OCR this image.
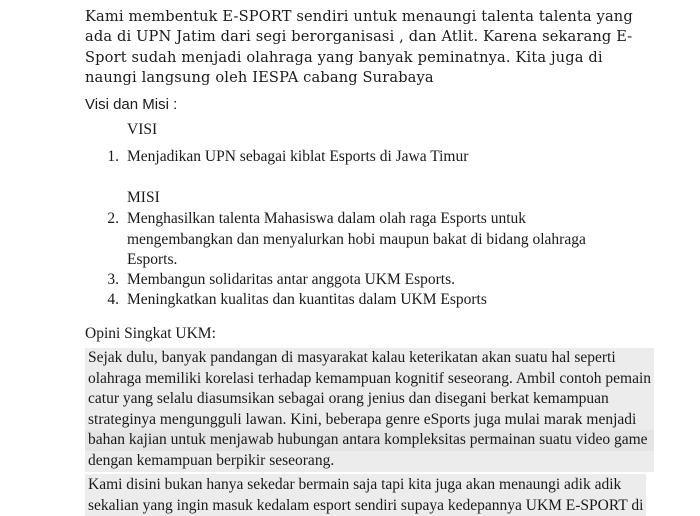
Kami membentuk E-SPORT sendiri untuk menaungi talenta talenta yang
ada di UPN Jatim dari segi berorganisasi , dan Atlit. Karena sekarang E-
Sport sudah menjadi olahraga yang banyak peminatnya. Kita juga di
naungi langsung oleh IESPA cabang Surabaya
Visi dan Misi :
VISI
1. Menjadikan UPN sebagai kiblat Esports di Jawa Timur
MISI
2. Menghasilkan talenta Mahasiswa dalam olah raga Esports untuk
mengembangkan dan menyalurkan hobi maupun bakat di bidang olahraga
Esports.
3. Membangun solidaritas antar anggota UKM Esports.
4. Meningkatkan kualitas dan kuantitas dalam UKM Esports
Opini Singkat UKM:
Sejak dulu, banyak pandangan di masyarakat kalau keterikatan akan suatu hal seperti
olahraga memiliki korelasi terhadap kemampuan kognitif seseorang. Ambil contoh pemain
catur yang selalu diasumsikan sebagai orang jenius dan disegani berkat kemampuan
strateginya mengungguli lawan. Kini, beberapa genre eSports juga mulai marak menjadi
bahan kajian untuk menjawab hubungan antara kompleksitas permainan suatu video game
dengan kemampuan berpikir seseorang.
Kami disini bukan hanya sekedar bermain saja tapi kita juga akan menaungi adik adik
sekalian yang ingin masuk kedalam esport sendiri supaya kedepannya UKM E-SPORT di
